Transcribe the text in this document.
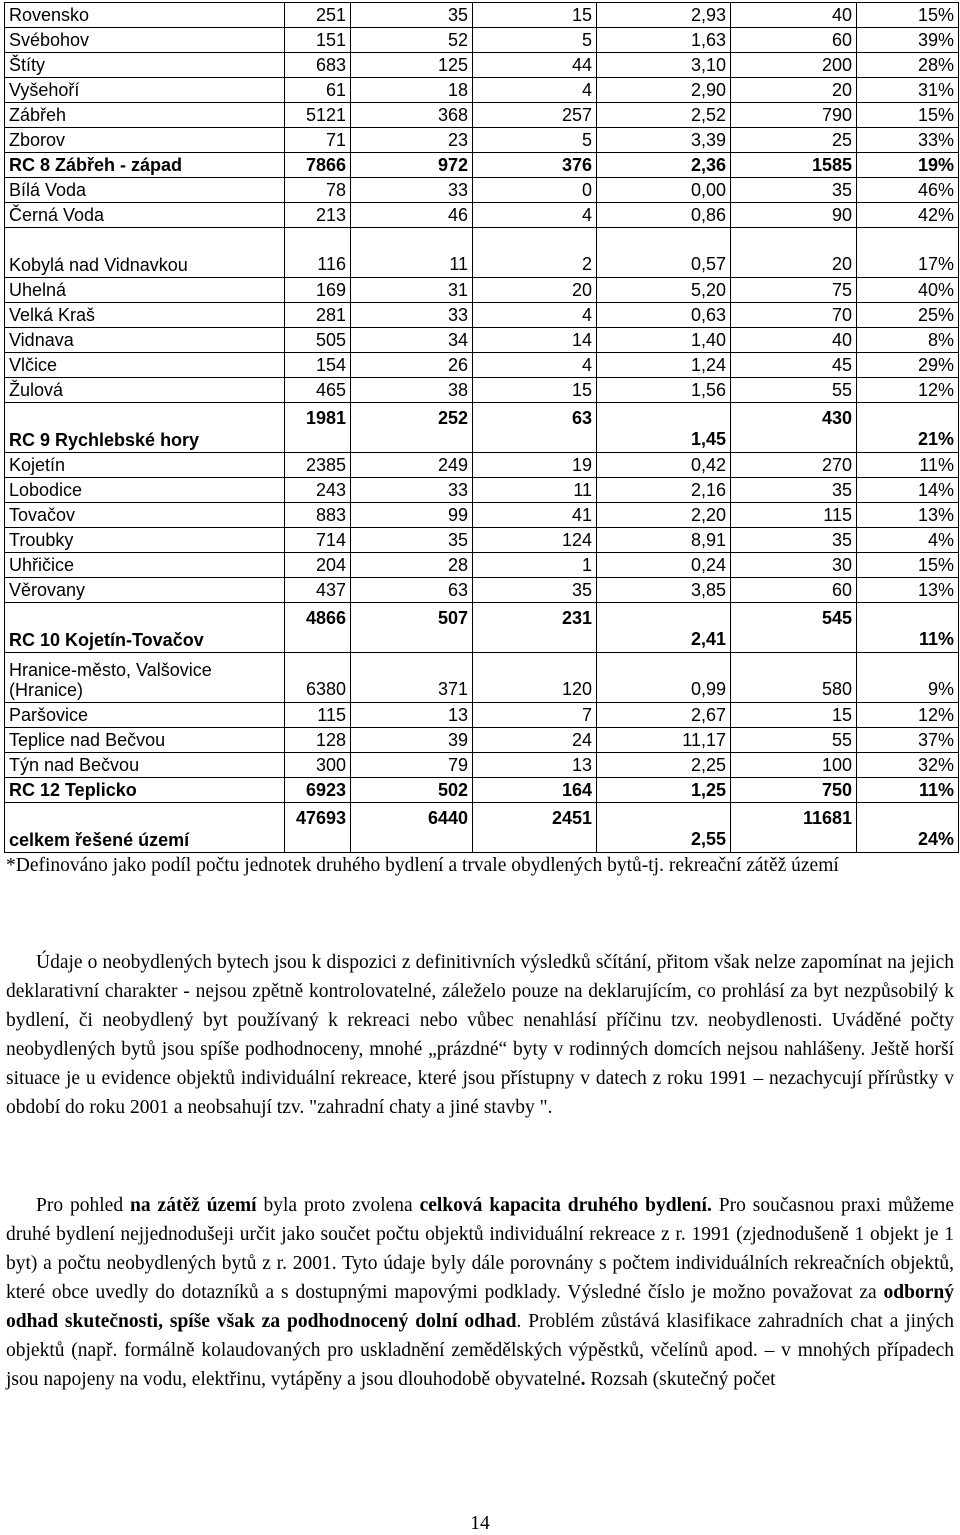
Rovensko	251	35	15	2,93	40	15%
Svébohov	151	52	5	1,63	60	39%
Štíty	683	125	44	3,10	200	28%
Vyšehoří	61	18	4	2,90	20	31%
Zábřeh	5121	368	257	2,52	790	15%
Zborov	71	23	5	3,39	25	33%
RC 8 Zábřeh - západ	7866	972	376	2,36	1585	19%
Bílá Voda	78	33	0	0,00	35	46%
Černá Voda	213	46	4	0,86	90	42%
Kobylá nad Vidnavkou	116	11	2	0,57	20	17%
Uhelná	169	31	20	5,20	75	40%
Velká Kraš	281	33	4	0,63	70	25%
Vidnava	505	34	14	1,40	40	8%
Vlčice	154	26	4	1,24	45	29%
Žulová	465	38	15	1,56	55	12%
RC 9 Rychlebské hory	1981	252	63	1,45	430	21%
Kojetín	2385	249	19	0,42	270	11%
Lobodice	243	33	11	2,16	35	14%
Tovačov	883	99	41	2,20	115	13%
Troubky	714	35	124	8,91	35	4%
Uhřičice	204	28	1	0,24	30	15%
Věrovany	437	63	35	3,85	60	13%
RC 10 Kojetín-Tovačov	4866	507	231	2,41	545	11%
Hranice-město, Valšovice (Hranice)	6380	371	120	0,99	580	9%
Paršovice	115	13	7	2,67	15	12%
Teplice nad Bečvou	128	39	24	11,17	55	37%
Týn nad Bečvou	300	79	13	2,25	100	32%
RC 12 Teplicko	6923	502	164	1,25	750	11%
celkem řešené území	47693	6440	2451	2,55	11681	24%

*Definováno jako podíl počtu jednotek druhého bydlení a trvale obydlených bytů-tj. rekreační zátěž území

Údaje o neobydlených bytech jsou k dispozici z definitivních výsledků sčítání, přitom však nelze zapomínat na jejich deklarativní charakter - nejsou zpětně kontrolovatelné, záleželo pouze na deklarujícím, co prohlásí za byt nezpůsobilý k bydlení, či neobydlený byt používaný k rekreaci nebo vůbec nenahlásí příčinu tzv. neobydlenosti. Uváděné počty neobydlených bytů jsou spíše podhodnoceny, mnohé „prázdné“ byty v rodinných domcích nejsou nahlášeny. Ještě horší situace je u evidence objektů individuální rekreace, které jsou přístupny v datech z roku 1991 – nezachycují přírůstky v období do roku 2001 a neobsahují tzv. "zahradní chaty a jiné stavby ".

Pro pohled na zátěž území byla proto zvolena celková kapacita druhého bydlení. Pro současnou praxi můžeme druhé bydlení nejjednodušeji určit jako součet počtu objektů individuální rekreace z r. 1991 (zjednodušeně 1 objekt je 1 byt) a počtu neobydlených bytů z r. 2001. Tyto údaje byly dále porovnány s počtem individuálních rekreačních objektů, které obce uvedly do dotazníků a s dostupnými mapovými podklady. Výsledné číslo je možno považovat za odborný odhad skutečnosti, spíše však za podhodnocený dolní odhad. Problém zůstává klasifikace zahradních chat a jiných objektů (např. formálně kolaudovaných pro uskladnění zemědělských výpěstků, včelínů apod. – v mnohých případech jsou napojeny na vodu, elektřinu, vytápěny a jsou dlouhodobě obyvatelné. Rozsah (skutečný počet

14
